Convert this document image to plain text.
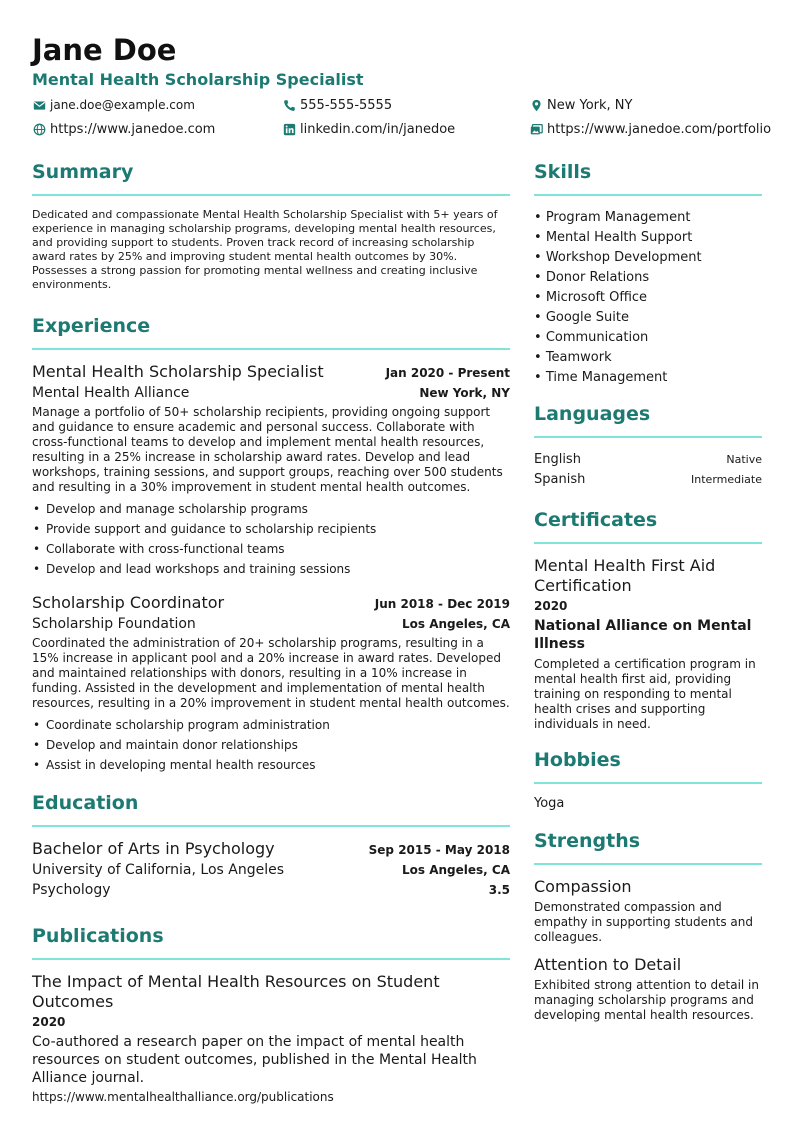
Jane Doe
Mental Health Scholarship Specialist
jane.doe@example.com	555-555-5555	New York, NY
https://www.janedoe.com	linkedin.com/in/janedoe	https://www.janedoe.com/portfolio
Summary

Dedicated and compassionate Mental Health Scholarship Specialist with 5+ years of experience in managing scholarship programs, developing mental health resources, and providing support to students. Proven track record of increasing scholarship award rates by 25% and improving student mental health outcomes by 30%. Possesses a strong passion for promoting mental wellness and creating inclusive environments.

Experience
Mental Health Scholarship Specialist	Jan 2020 - Present
Mental Health Alliance	New York, NY

Manage a portfolio of 50+ scholarship recipients, providing ongoing support and guidance to ensure academic and personal success. Collaborate with cross-functional teams to develop and implement mental health resources, resulting in a 25% increase in scholarship award rates. Develop and lead workshops, training sessions, and support groups, reaching over 500 students and resulting in a 30% improvement in student mental health outcomes.

• Develop and manage scholarship programs
• Provide support and guidance to scholarship recipients
• Collaborate with cross-functional teams
• Develop and lead workshops and training sessions
Scholarship Coordinator	Jun 2018 - Dec 2019
Scholarship Foundation	Los Angeles, CA

Coordinated the administration of 20+ scholarship programs, resulting in a 15% increase in applicant pool and a 20% increase in award rates. Developed and maintained relationships with donors, resulting in a 10% increase in funding. Assisted in the development and implementation of mental health resources, resulting in a 20% improvement in student mental health outcomes.

• Coordinate scholarship program administration
• Develop and maintain donor relationships
• Assist in developing mental health resources
Education
Bachelor of Arts in Psychology	Sep 2015 - May 2018
University of California, Los Angeles	Los Angeles, CA
Psychology	3.5
Publications
The Impact of Mental Health Resources on Student Outcomes
2020

Co-authored a research paper on the impact of mental health resources on student outcomes, published in the Mental Health Alliance journal.

https://www.mentalhealthalliance.org/publications
Skills
• Program Management
• Mental Health Support
• Workshop Development
• Donor Relations
• Microsoft Office
• Google Suite
• Communication
• Teamwork
• Time Management
Languages
English	Native
Spanish	Intermediate
Certificates
Mental Health First Aid Certification
2020
National Alliance on Mental Illness

Completed a certification program in mental health first aid, providing training on responding to mental health crises and supporting individuals in need.

Hobbies
Yoga
Strengths
Compassion

Demonstrated compassion and empathy in supporting students and colleagues.

Attention to Detail

Exhibited strong attention to detail in managing scholarship programs and developing mental health resources.
